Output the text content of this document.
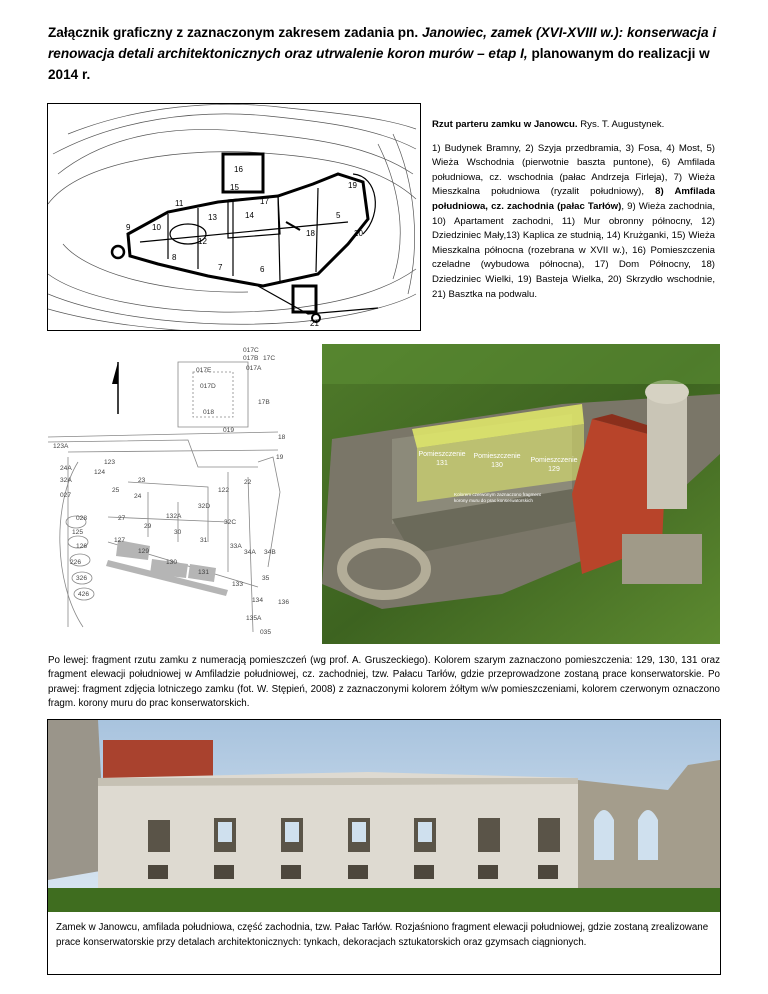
Załącznik graficzny z zaznaczonym zakresem zadania pn. Janowiec, zamek (XVI-XVIII w.): konserwacja i renowacja detali architektonicznych oraz utrwalenie koron murów – etap I, planowanym do realizacji w 2014 r.

16
15
11	17
13	14
12
10
9
18	20
8
7	6
5
19
21

Rzut parteru zamku w Janowcu. Rys. T. Augustynek.

1) Budynek Bramny, 2) Szyja przedbramia, 3) Fosa, 4) Most, 5) Wieża Wschodnia (pierwotnie baszta puntone), 6) Amfilada południowa, cz. wschodnia (pałac Andrzeja Firleja), 7) Wieża Mieszkalna południowa (ryzalit południowy), 8) Amfilada południowa, cz. zachodnia (pałac Tarłów), 9) Wieża zachodnia, 10) Apartament zachodni, 11) Mur obronny północny, 12) Dziedziniec Mały,13) Kaplica ze studnią, 14) Krużganki, 15) Wieża Mieszkalna północna (rozebrana w XVII w.), 16) Pomieszczenia czeladne (wybudowa północna), 17) Dom Północny, 18) Dziedziniec Wielki, 19) Basteja Wielka, 20) Skrzydło wschodnie, 21) Basztka na podwalu.

017C
017B 17C
017E	017A
017D
17B
018
019
18
123A
123
124
24A
32A
027
25
23
24
19
22
122
32D
32C
132A
028	27
29
30
125
126
127	31
33A
34A 34B
129
130
226
131
326
133
35
426
134 136
135A
035
Pomieszczenie
131
Pomieszczenie
130
Pomieszczenie
129
Kolorem czerwonym zaznaczono fragment
korony muru do prac konserwatorskich
Po lewej: fragment rzutu zamku z numeracją pomieszczeń (wg prof. A. Gruszeckiego). Kolorem szarym zaznaczono pomieszczenia: 129, 130, 131 oraz fragment elewacji południowej w Amfiladzie południowej, cz. zachodniej, tzw. Pałacu Tarłów, gdzie przeprowadzone zostaną prace konserwatorskie. Po prawej: fragment zdjęcia lotniczego zamku (fot. W. Stępień, 2008) z zaznaczonymi kolorem żółtym w/w pomieszczeniami, kolorem czerwonym oznaczono fragm. korony muru do prac konserwatorskich.
Zamek w Janowcu, amfilada południowa, część zachodnia, tzw. Pałac Tarłów. Rozjaśniono fragment elewacji południowej, gdzie zostaną zrealizowane prace konserwatorskie przy detalach architektonicznych: tynkach, dekoracjach sztukatorskich oraz gzymsach ciągnionych.
